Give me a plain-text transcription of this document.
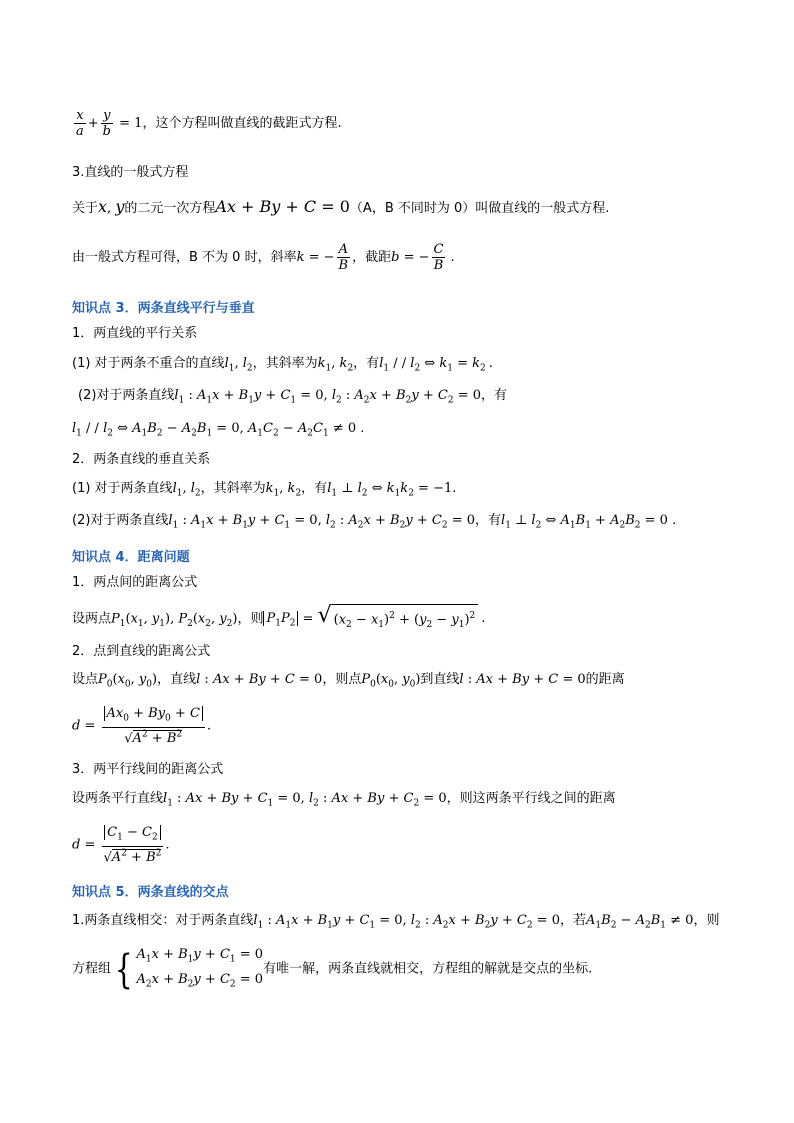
$\frac{x}{a} + \frac{y}{b} = 1$，这个方程叫做直线的截距式方程.
3.直线的一般式方程
关于x, y的二元一次方程Ax + By + C = 0（A，B 不同时为 0）叫做直线的一般式方程.
由一般式方程可得，B 不为 0 时，斜率k = − $\frac{A}{B}$ ，截距b = − $\frac{C}{B}$ .
知识点 3．两条直线平行与垂直
1．两直线的平行关系
(1) 对于两条不重合的直线$l_1$, $l_2$，其斜率为$k_1$, $k_2$，有$l_1$ / / $l_2$ ⇔ $k_1 = k_2$ .
(2)对于两条直线$l_1$ : $A_1x + B_1y + C_1 = 0$, $l_2$ : $A_2x + B_2y + C_2 = 0$，有
$l_1$ / / $l_2$ ⇔ $A_1B_2 - A_2B_1 = 0$, $A_1C_2 - A_2C_1 \ne 0$ .
2．两条直线的垂直关系
(1) 对于两条直线$l_1$, $l_2$，其斜率为$k_1$, $k_2$，有$l_1$ ⊥ $l_2$ ⇔ $k_1k_2 = -1$.
(2)对于两条直线$l_1$ : $A_1x + B_1y + C_1 = 0$, $l_2$ : $A_2x + B_2y + C_2 = 0$，有$l_1$ ⊥ $l_2$ ⇔ $A_1B_1 + A_2B_2 = 0$ .
知识点 4．距离问题
1．两点间的距离公式
设两点$P_1(x_1$, $y_1$), $P_2(x_2$, $y_2$)，则 $P_1P_2$ = √ $(x_2 - x_1)^2 + (y_2 - y_1)^2$ .
2．点到直线的距离公式
设点$P_0(x_0$, $y_0$)，直线l : Ax + By + C = 0，则点$P_0(x_0$, $y_0$)到直线l : Ax + By + C = 0的距离
$d = \frac{Ax_0 + By_0 + C}{√A^2 + B^2}$ .
3．两平行线间的距离公式
设两条平行直线$l_1$ : $Ax + By + C_1 = 0$, $l_2$ : $Ax + By + C_2 = 0$，则这两条平行线之间的距离
$d = \frac{C_1 - C_2}{√A^2 + B^2}$ .
知识点 5．两条直线的交点
1.两条直线相交：对于两条直线$l_1$ : $A_1x + B_1y + C_1 = 0$, $l_2$ : $A_2x + B_2y + C_2 = 0$，若$A_1B_2 - A_2B_1 \ne 0$，则
方程组 { $A_1x + B_1y + C_1 = 0$
$A_2x + B_2y + C_2 = 0$
有唯一解，两条直线就相交，方程组的解就是交点的坐标.
